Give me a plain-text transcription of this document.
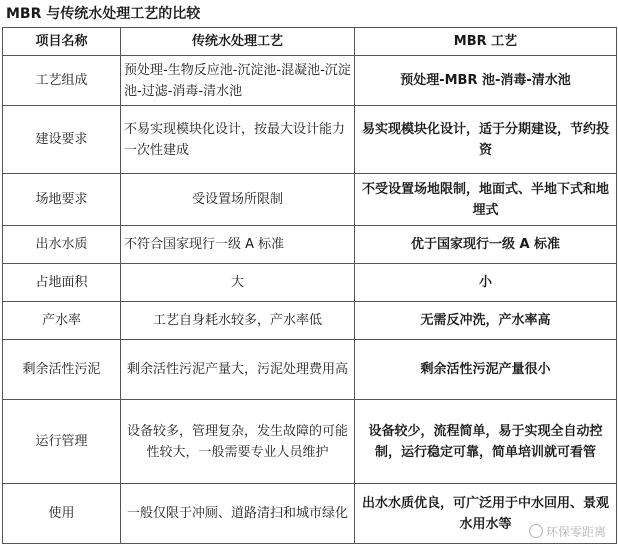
MBR 与传统水处理工艺的比较
项目名称	传统水处理工艺	MBR 工艺
工艺组成	预处理-生物反应池-沉淀池-混凝池-沉淀池-过滤-消毒-清水池	预处理-MBR 池-消毒-清水池
建设要求	不易实现模块化设计，按最大设计能力一次性建成	易实现模块化设计，适于分期建设，节约投资
场地要求	受设置场所限制	不受设置场地限制，地面式、半地下式和地埋式
出水水质	不符合国家现行一级 A 标准	优于国家现行一级 A 标准
占地面积	大	小
产水率	工艺自身耗水较多，产水率低	无需反冲洗，产水率高
剩余活性污泥	剩余活性污泥产量大，污泥处理费用高	剩余活性污泥产量很小
运行管理	设备较多，管理复杂，发生故障的可能性较大，一般需要专业人员维护	设备较少，流程简单，易于实现全自动控制，运行稳定可靠，简单培训就可看管
使用	一般仅限于冲厕、道路清扫和城市绿化	出水水质优良，可广泛用于中水回用、景观水用水等
环保零距离
